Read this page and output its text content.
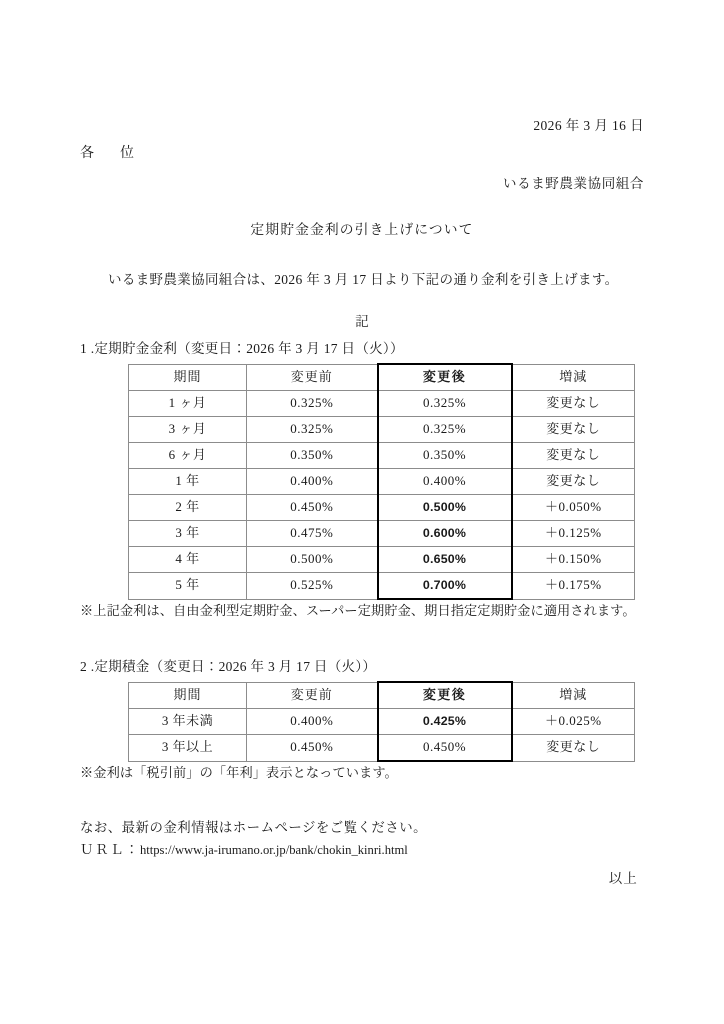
2026 年 3 月 16 日
各　位
いるま野農業協同組合
定期貯金金利の引き上げについて
いるま野農業協同組合は、2026 年 3 月 17 日より下記の通り金利を引き上げます。
記
1 .定期貯金金利（変更日：2026 年 3 月 17 日（火））
期間	変更前	変更後	増減
1 ヶ月	0.325%	0.325%	変更なし
3 ヶ月	0.325%	0.325%	変更なし
6 ヶ月	0.350%	0.350%	変更なし
1 年	0.400%	0.400%	変更なし
2 年	0.450%	0.500%	＋0.050%
3 年	0.475%	0.600%	＋0.125%
4 年	0.500%	0.650%	＋0.150%
5 年	0.525%	0.700%	＋0.175%
※上記金利は、自由金利型定期貯金、スーパー定期貯金、期日指定定期貯金に適用されます。
2 .定期積金（変更日：2026 年 3 月 17 日（火））
期間	変更前	変更後	増減
3 年未満	0.400%	0.425%	＋0.025%
3 年以上	0.450%	0.450%	変更なし
※金利は「税引前」の「年利」表示となっています。
なお、最新の金利情報はホームページをご覧ください。
ＵＲＬ：https://www.ja-irumano.or.jp/bank/chokin_kinri.html
以上
